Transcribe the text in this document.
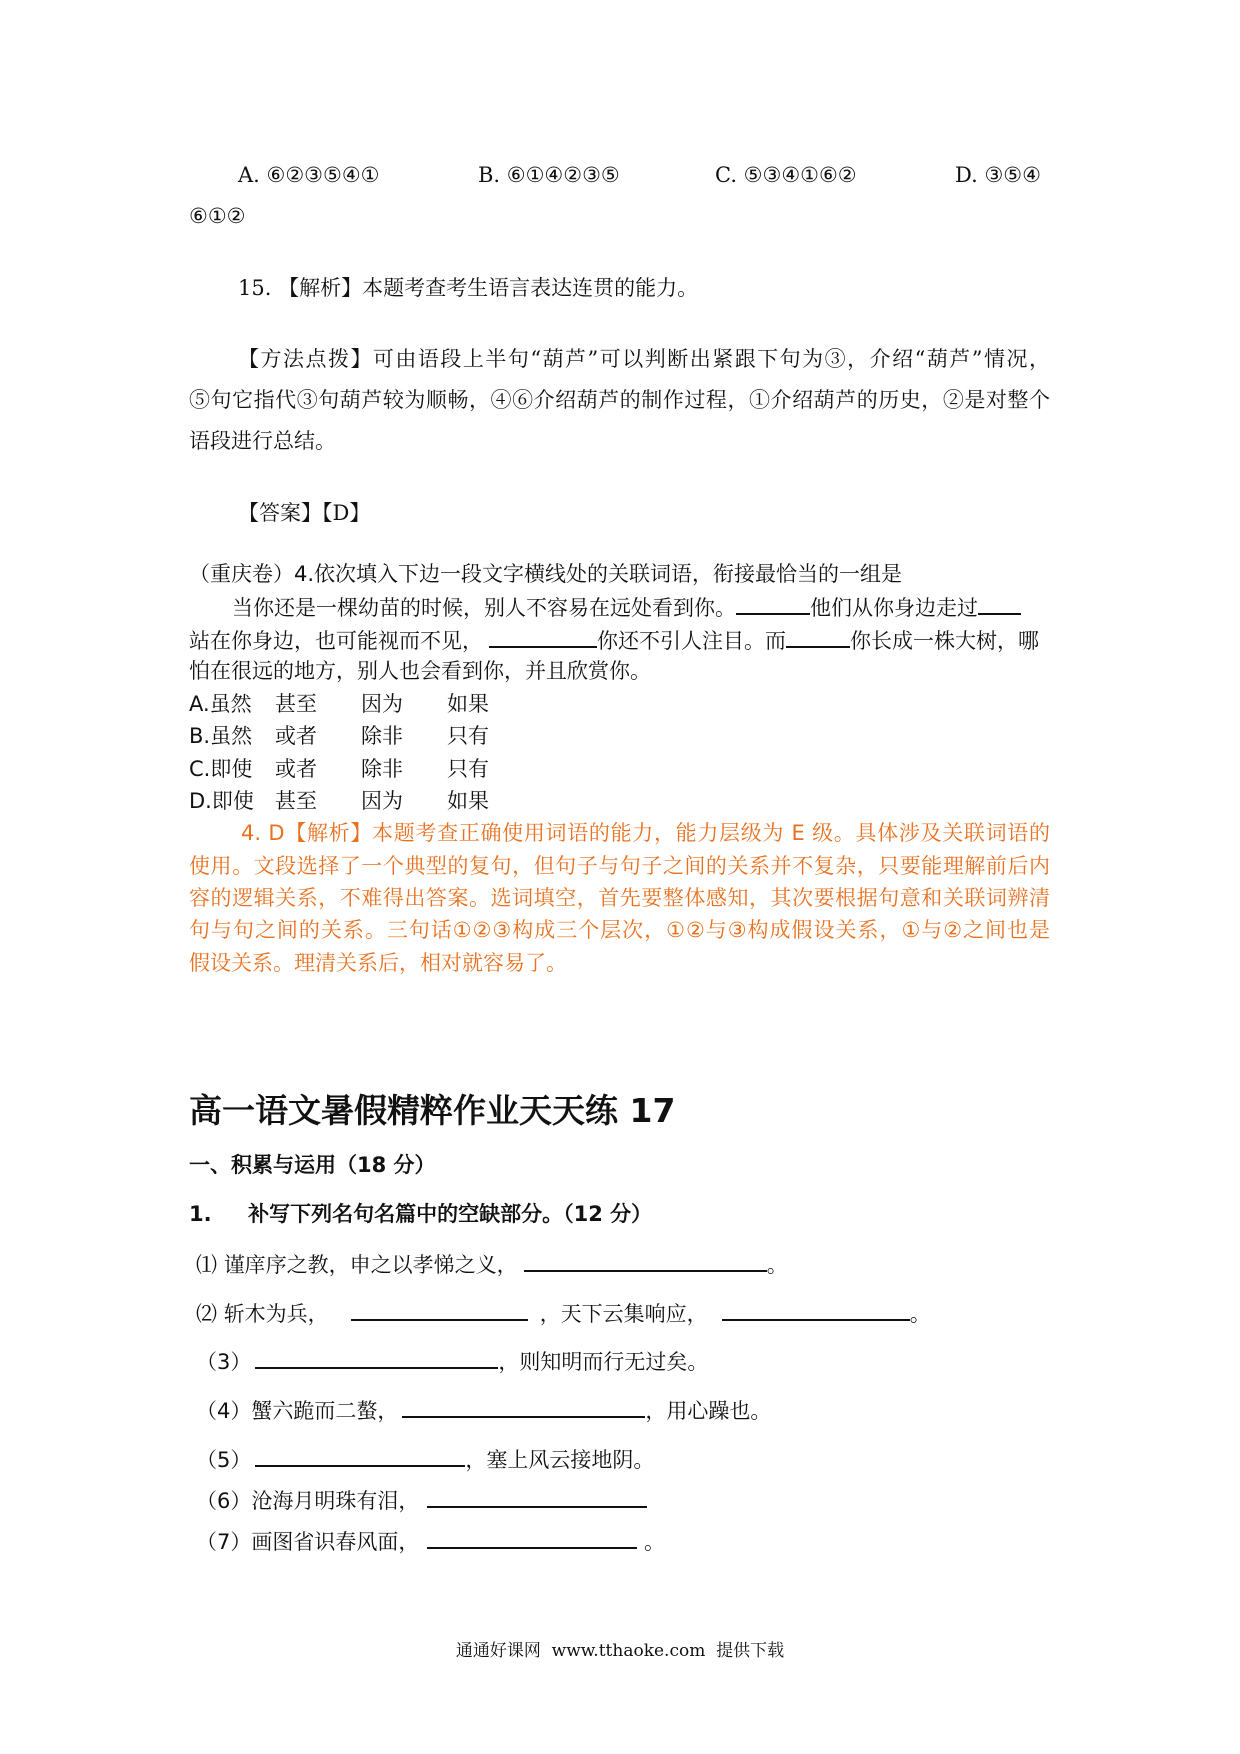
A. ⑥②③⑤④①	B. ⑥①④②③⑤	C. ⑤③④①⑥②	D. ③⑤④
⑥①②
15. 【解析】本题考查考生语言表达连贯的能力。
【方法点拨】可由语段上半句“葫芦”可以判断出紧跟下句为③，介绍“葫芦”情况，
⑤句它指代③句葫芦较为顺畅，④⑥介绍葫芦的制作过程，①介绍葫芦的历史，②是对整个
语段进行总结。
【答案】【D】
（重庆卷）4.依次填入下边一段文字横线处的关联词语，衔接最恰当的一组是
当你还是一棵幼苗的时候，别人不容易在远处看到你。	他们从你身边走过
站在你身边，也可能视而不见，	你还不引人注目。而	你长成一株大树，哪
怕在很远的地方，别人也会看到你，并且欣赏你。
A.虽然 甚至 因为 如果
B.虽然 或者 除非 只有
C.即使 或者 除非 只有
D.即使 甚至 因为 如果
4. D【解析】本题考查正确使用词语的能力，能力层级为 E 级。具体涉及关联词语的
使用。文段选择了一个典型的复句，但句子与句子之间的关系并不复杂，只要能理解前后内
容的逻辑关系，不难得出答案。选词填空，首先要整体感知，其次要根据句意和关联词辨清
句与句之间的关系。三句话①②③构成三个层次，①②与③构成假设关系，①与②之间也是
假设关系。理清关系后，相对就容易了。
高一语文暑假精粹作业天天练 17
一、积累与运用（18 分）
1.     补写下列名句名篇中的空缺部分。（12 分）
⑴ 谨庠序之教，申之以孝悌之义，	。
⑵ 斩木为兵，	，天下云集响应，	。
（3）	，则知明而行无过矣。
（4）蟹六跪而二螯，	，用心躁也。
（5）	，塞上风云接地阴。
（6）沧海月明珠有泪，
（7）画图省识春风面，	。
通通好课网  www.tthaoke.com  提供下载
